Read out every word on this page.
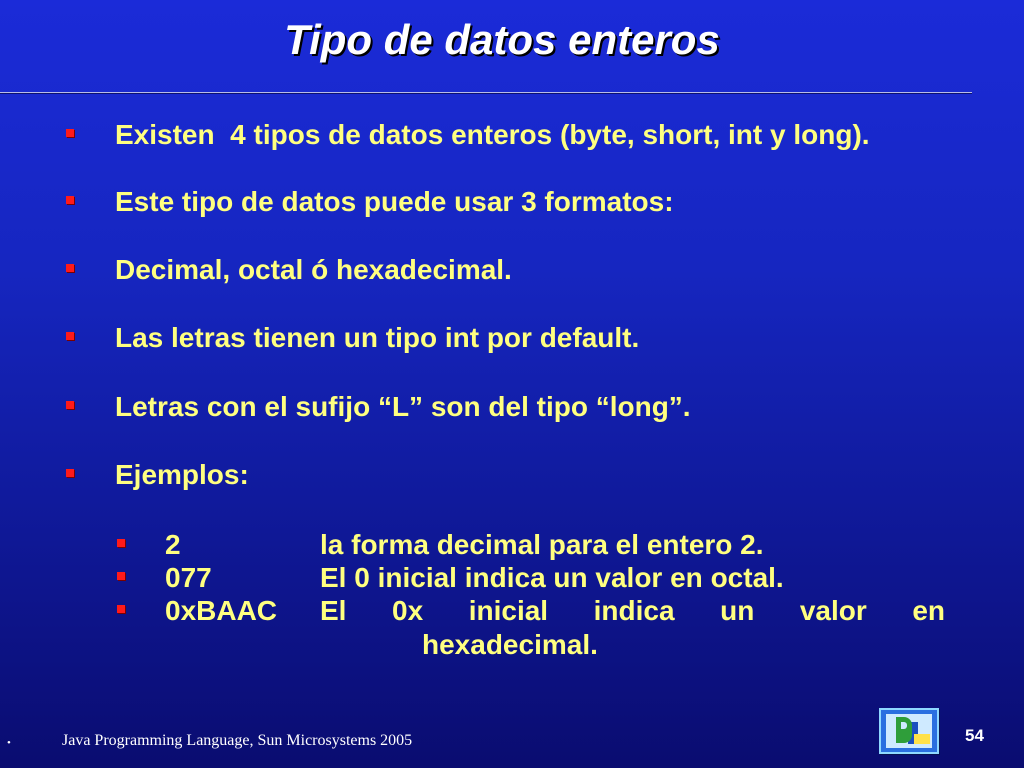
Tipo de datos enteros
Existen  4 tipos de datos enteros (byte, short, int y long).
Este tipo de datos puede usar 3 formatos:
Decimal, octal ó hexadecimal.
Las letras tienen un tipo int por default.
Letras con el sufijo “L” son del tipo “long”.
Ejemplos:
2	la forma decimal para el entero 2.
077	El 0 inicial indica un valor en octal.
0xBAAC El 0x inicial indica un valor en
hexadecimal.
•	Java Programming Language, Sun Microsystems 2005	54
